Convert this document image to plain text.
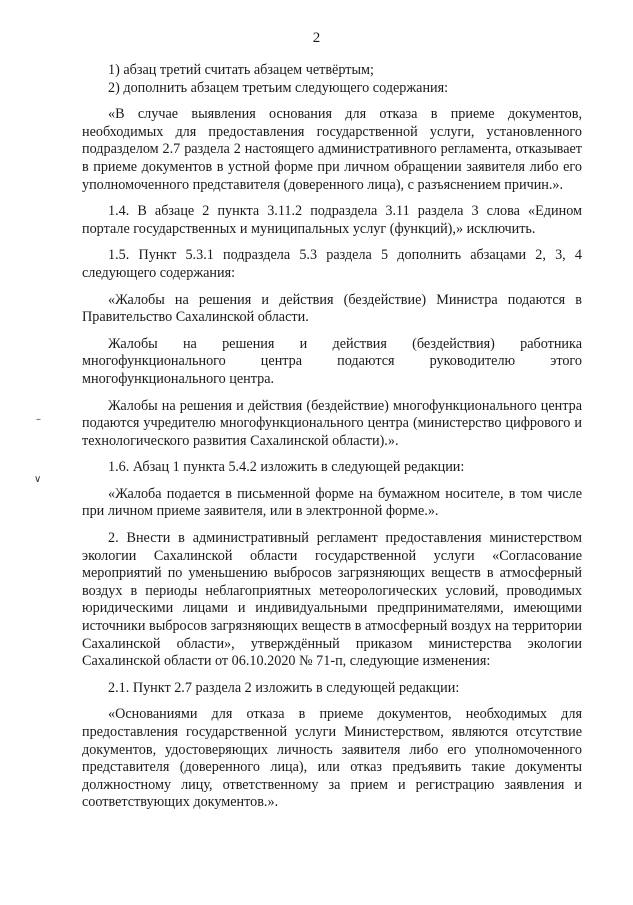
2
–
∨

1) абзац третий считать абзацем четвёртым;

2) дополнить абзацем третьим следующего содержания:

«В случае выявления основания для отказа в приеме документов, необходимых для предоставления государственной услуги, установленного подразделом 2.7 раздела 2 настоящего административного регламента, отказывает в приеме документов в устной форме при личном обращении заявителя либо его уполномоченного представителя (доверенного лица), с разъяснением причин.».

1.4. В абзаце 2 пункта 3.11.2 подраздела 3.11 раздела 3 слова «Едином портале государственных и муниципальных услуг (функций),» исключить.

1.5. Пункт 5.3.1 подраздела 5.3 раздела 5 дополнить абзацами 2, 3, 4 следующего содержания:

«Жалобы на решения и действия (бездействие) Министра подаются в Правительство Сахалинской области.

Жалобы на решения и действия (бездействия) работника многофункционального центра подаются руководителю этого многофункционального центра.

Жалобы на решения и действия (бездействие) многофункционального центра подаются учредителю многофункционального центра (министерство цифрового и технологического развития Сахалинской области).».

1.6. Абзац 1 пункта 5.4.2 изложить в следующей редакции:

«Жалоба подается в письменной форме на бумажном носителе, в том числе при личном приеме заявителя, или в электронной форме.».

2. Внести в административный регламент предоставления министерством экологии Сахалинской области государственной услуги «Согласование мероприятий по уменьшению выбросов загрязняющих веществ в атмосферный воздух в периоды неблагоприятных метеорологических условий, проводимых юридическими лицами и индивидуальными предпринимателями, имеющими источники выбросов загрязняющих веществ в атмосферный воздух на территории Сахалинской области», утверждённый приказом министерства экологии Сахалинской области от 06.10.2020 № 71-п, следующие изменения:

2.1. Пункт 2.7 раздела 2 изложить в следующей редакции:

«Основаниями для отказа в приеме документов, необходимых для предоставления государственной услуги Министерством, являются отсутствие документов, удостоверяющих личность заявителя либо его уполномоченного представителя (доверенного лица), или отказ предъявить такие документы должностному лицу, ответственному за прием и регистрацию заявления и соответствующих документов.».
